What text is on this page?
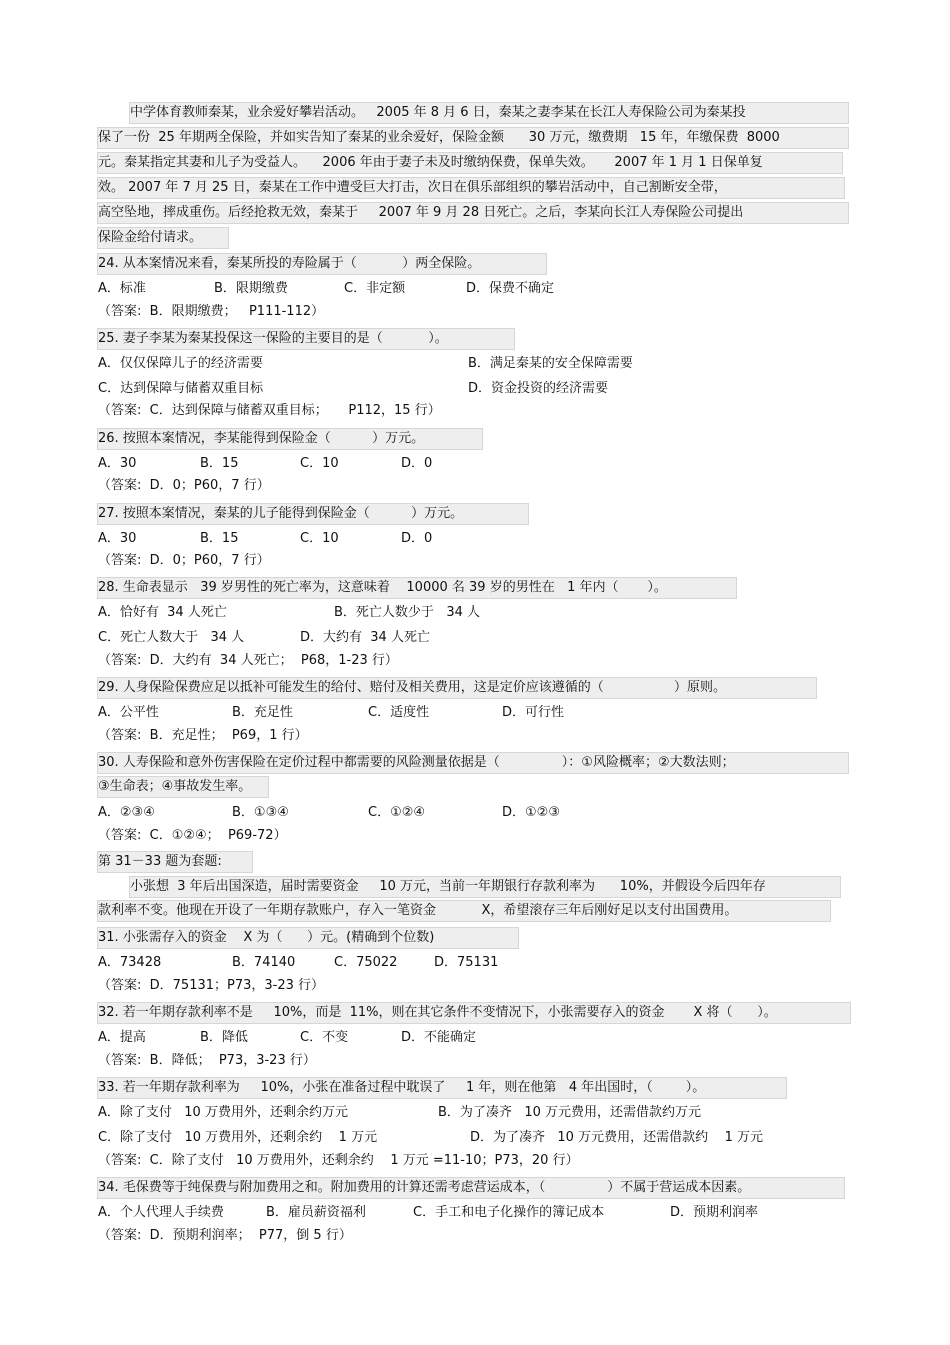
中学体育教师秦某，业余爱好攀岩活动。   2005 年 8 月 6 日，秦某之妻李某在长江人寿保险公司为秦某投
保了一份  25 年期两全保险，并如实告知了秦某的业余爱好，保险金额      30 万元，缴费期   15 年，年缴保费  8000
元。秦某指定其妻和儿子为受益人。    2006 年由于妻子未及时缴纳保费，保单失效。     2007 年 1 月 1 日保单复
效。 2007 年 7 月 25 日，秦某在工作中遭受巨大打击，次日在俱乐部组织的攀岩活动中，自己割断安全带，
高空坠地，摔成重伤。后经抢救无效，秦某于     2007 年 9 月 28 日死亡。之后，李某向长江人寿保险公司提出
保险金给付请求。
24. 从本案情况来看，秦某所投的寿险属于（           ）两全保险。

A．标准

	B．限期缴费

	C．非定额

	D．保费不确定

（答案:  B．限期缴费；   P111-112）
25. 妻子李某为秦某投保这一保险的主要目的是（           ）。

A．仅仅保障儿子的经济需要

	B．满足秦某的安全保障需要

C．达到保障与储蓄双重目标

	D．资金投资的经济需要

（答案:  C．达到保障与储蓄双重目标；     P112，15 行）
26. 按照本案情况，李某能得到保险金（          ）万元。

A．30

	B．15

	C．10

	D．0

（答案:  D．0；P60，7 行）
27. 按照本案情况，秦某的儿子能得到保险金（          ）万元。

A．30

	B．15

	C．10

	D．0

（答案:  D．0；P60，7 行）
28. 生命表显示   39 岁男性的死亡率为，这意味着    10000 名 39 岁的男性在   1 年内（       ）。

A．恰好有  34 人死亡

	B．死亡人数少于   34 人

C．死亡人数大于   34 人

	D．大约有  34 人死亡

（答案:  D．大约有  34 人死亡；  P68，1-23 行）
29. 人身保险保费应足以抵补可能发生的给付、赔付及相关费用，这是定价应该遵循的（                 ）原则。

A．公平性

	B．充足性

	C．适度性

	D．可行性

（答案:  B．充足性；  P69，1 行）
30. 人寿保险和意外伤害保险在定价过程中都需要的风险测量依据是（               ）：①风险概率；②大数法则；
③生命表；④事故发生率。

A．②③④

	B．①③④

	C．①②④

	D．①②③

（答案:  C．①②④；  P69-72）
第 31－33 题为套题:
小张想  3 年后出国深造，届时需要资金     10 万元，当前一年期银行存款利率为      10%，并假设今后四年存
款利率不变。他现在开设了一年期存款账户，存入一笔资金           X，希望滚存三年后刚好足以支付出国费用。
31. 小张需存入的资金    X 为（      ）元。(精确到个位数)

A．73428

	B．74140

	C．75022

	D．75131

（答案:  D．75131；P73，3-23 行）
32. 若一年期存款利率不是     10%，而是  11%，则在其它条件不变情况下，小张需要存入的资金       X 将（      ）。

A．提高

	B．降低

	C．不变

	D．不能确定

（答案:  B．降低；  P73，3-23 行）
33. 若一年期存款利率为     10%，小张在准备过程中耽误了     1 年，则在他第   4 年出国时，（        ）。

A．除了支付   10 万费用外，还剩余约万元

	B．为了凑齐   10 万元费用，还需借款约万元

C．除了支付   10 万费用外，还剩余约    1 万元

	D．为了凑齐   10 万元费用，还需借款约    1 万元

（答案:  C．除了支付   10 万费用外，还剩余约    1 万元 =11-10；P73，20 行）
34. 毛保费等于纯保费与附加费用之和。附加费用的计算还需考虑营运成本，（               ）不属于营运成本因素。

A．个人代理人手续费

	B．雇员薪资福利

	C．手工和电子化操作的簿记成本

	D．预期利润率

（答案:  D．预期利润率；  P77，倒 5 行）
